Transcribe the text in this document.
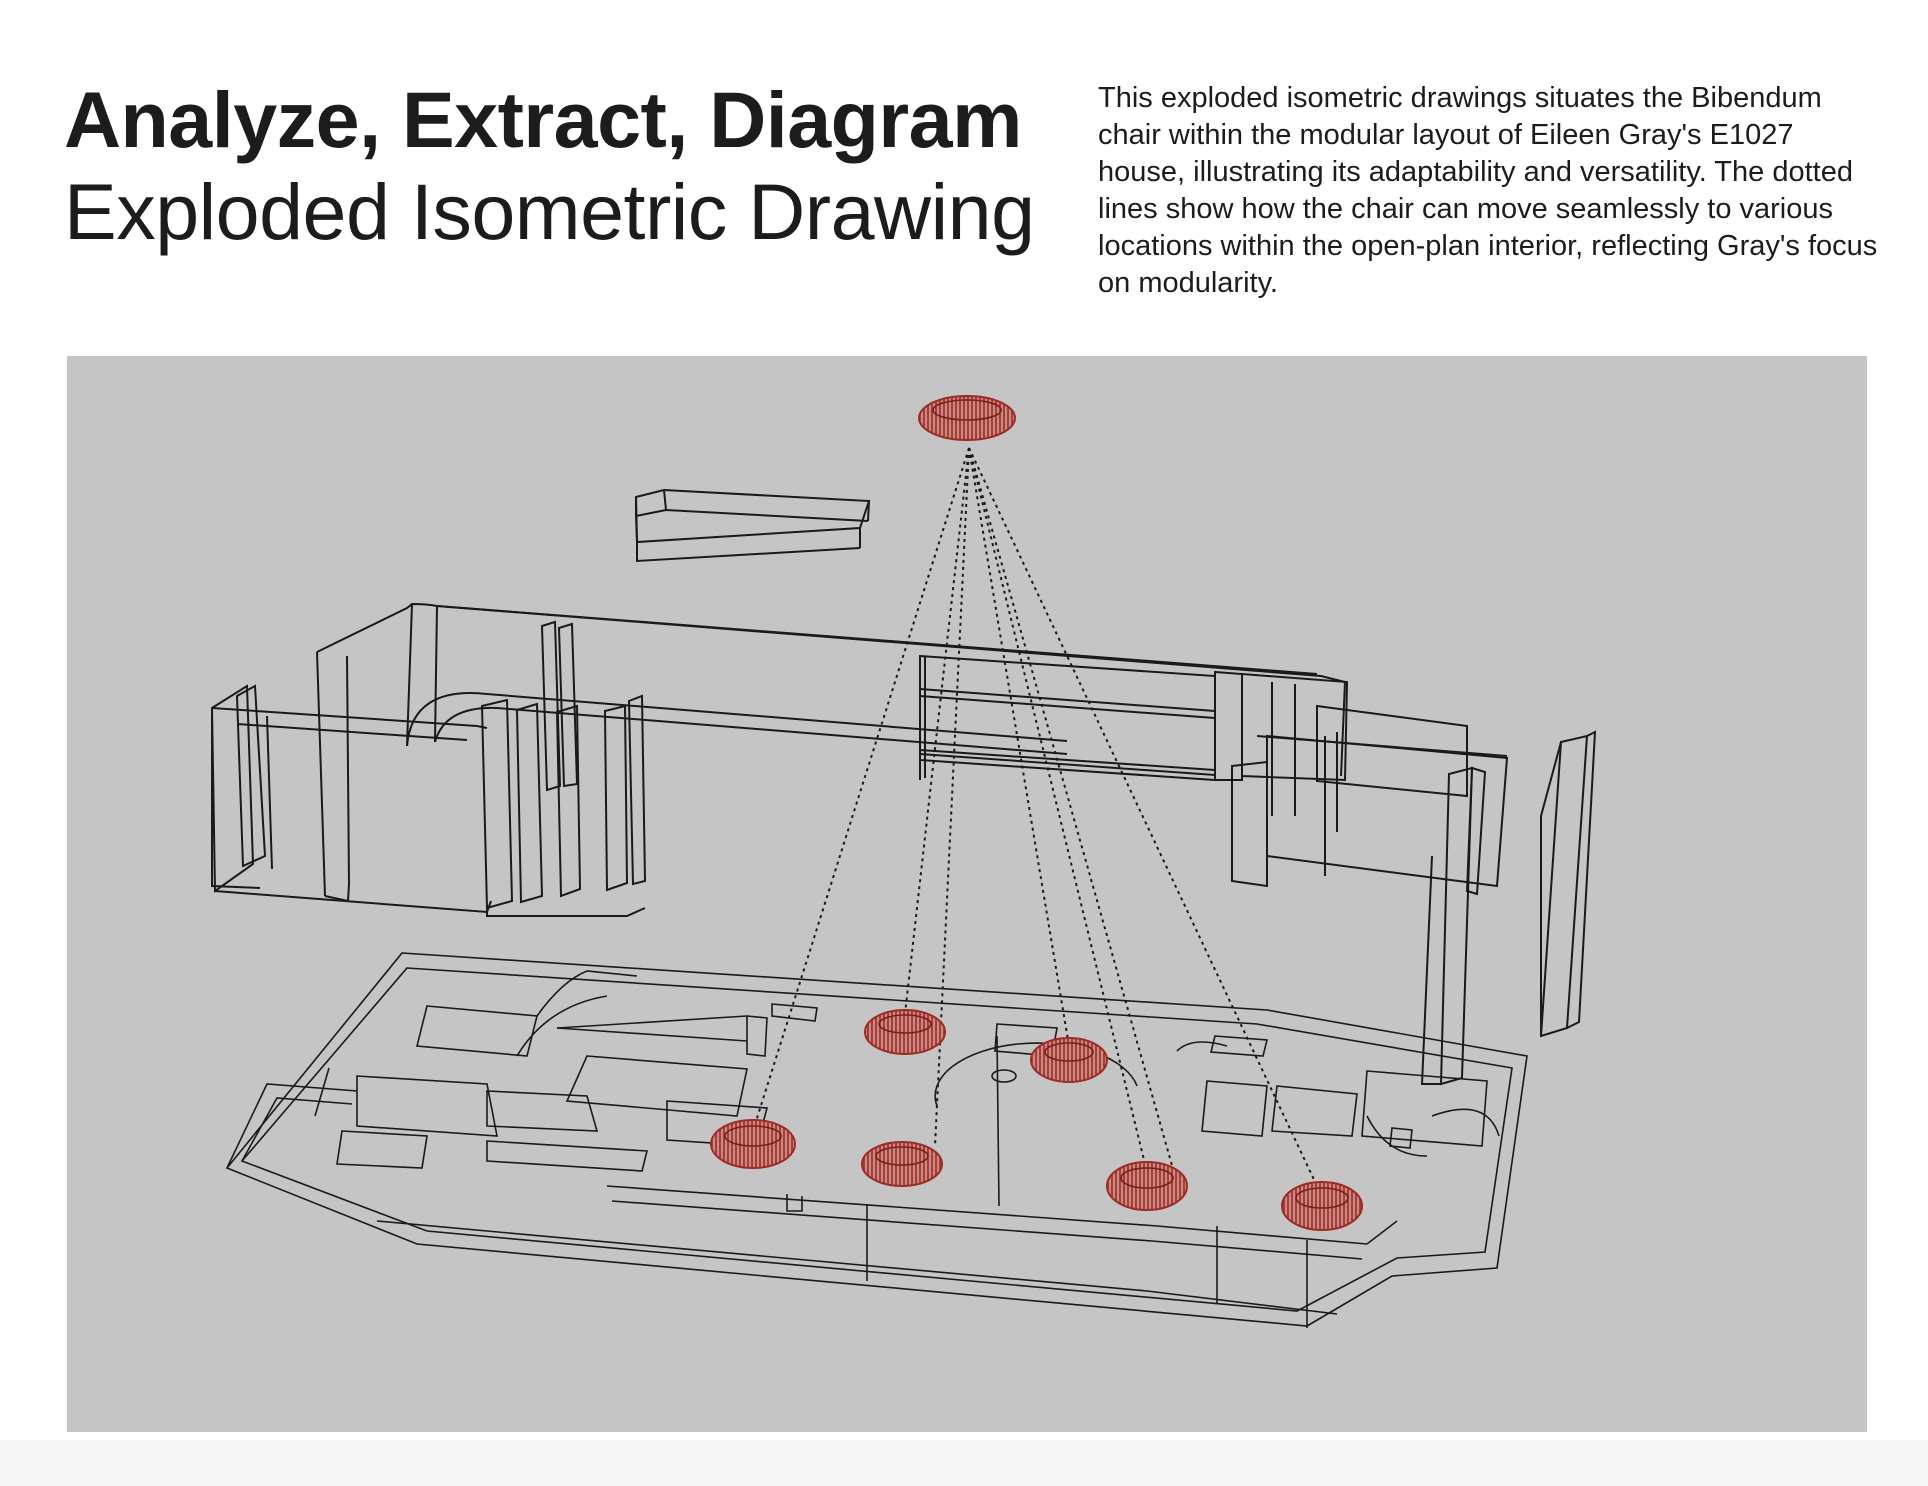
Analyze, Extract, Diagram
Exploded Isometric Drawing

This exploded isometric drawings situates the Bibendum chair within the modular layout of Eileen Gray's E1027 house, illustrating its adaptability and versatility. The dotted lines show how the chair can move seamlessly to various locations within the open-plan interior, reflecting Gray's focus on modularity.
